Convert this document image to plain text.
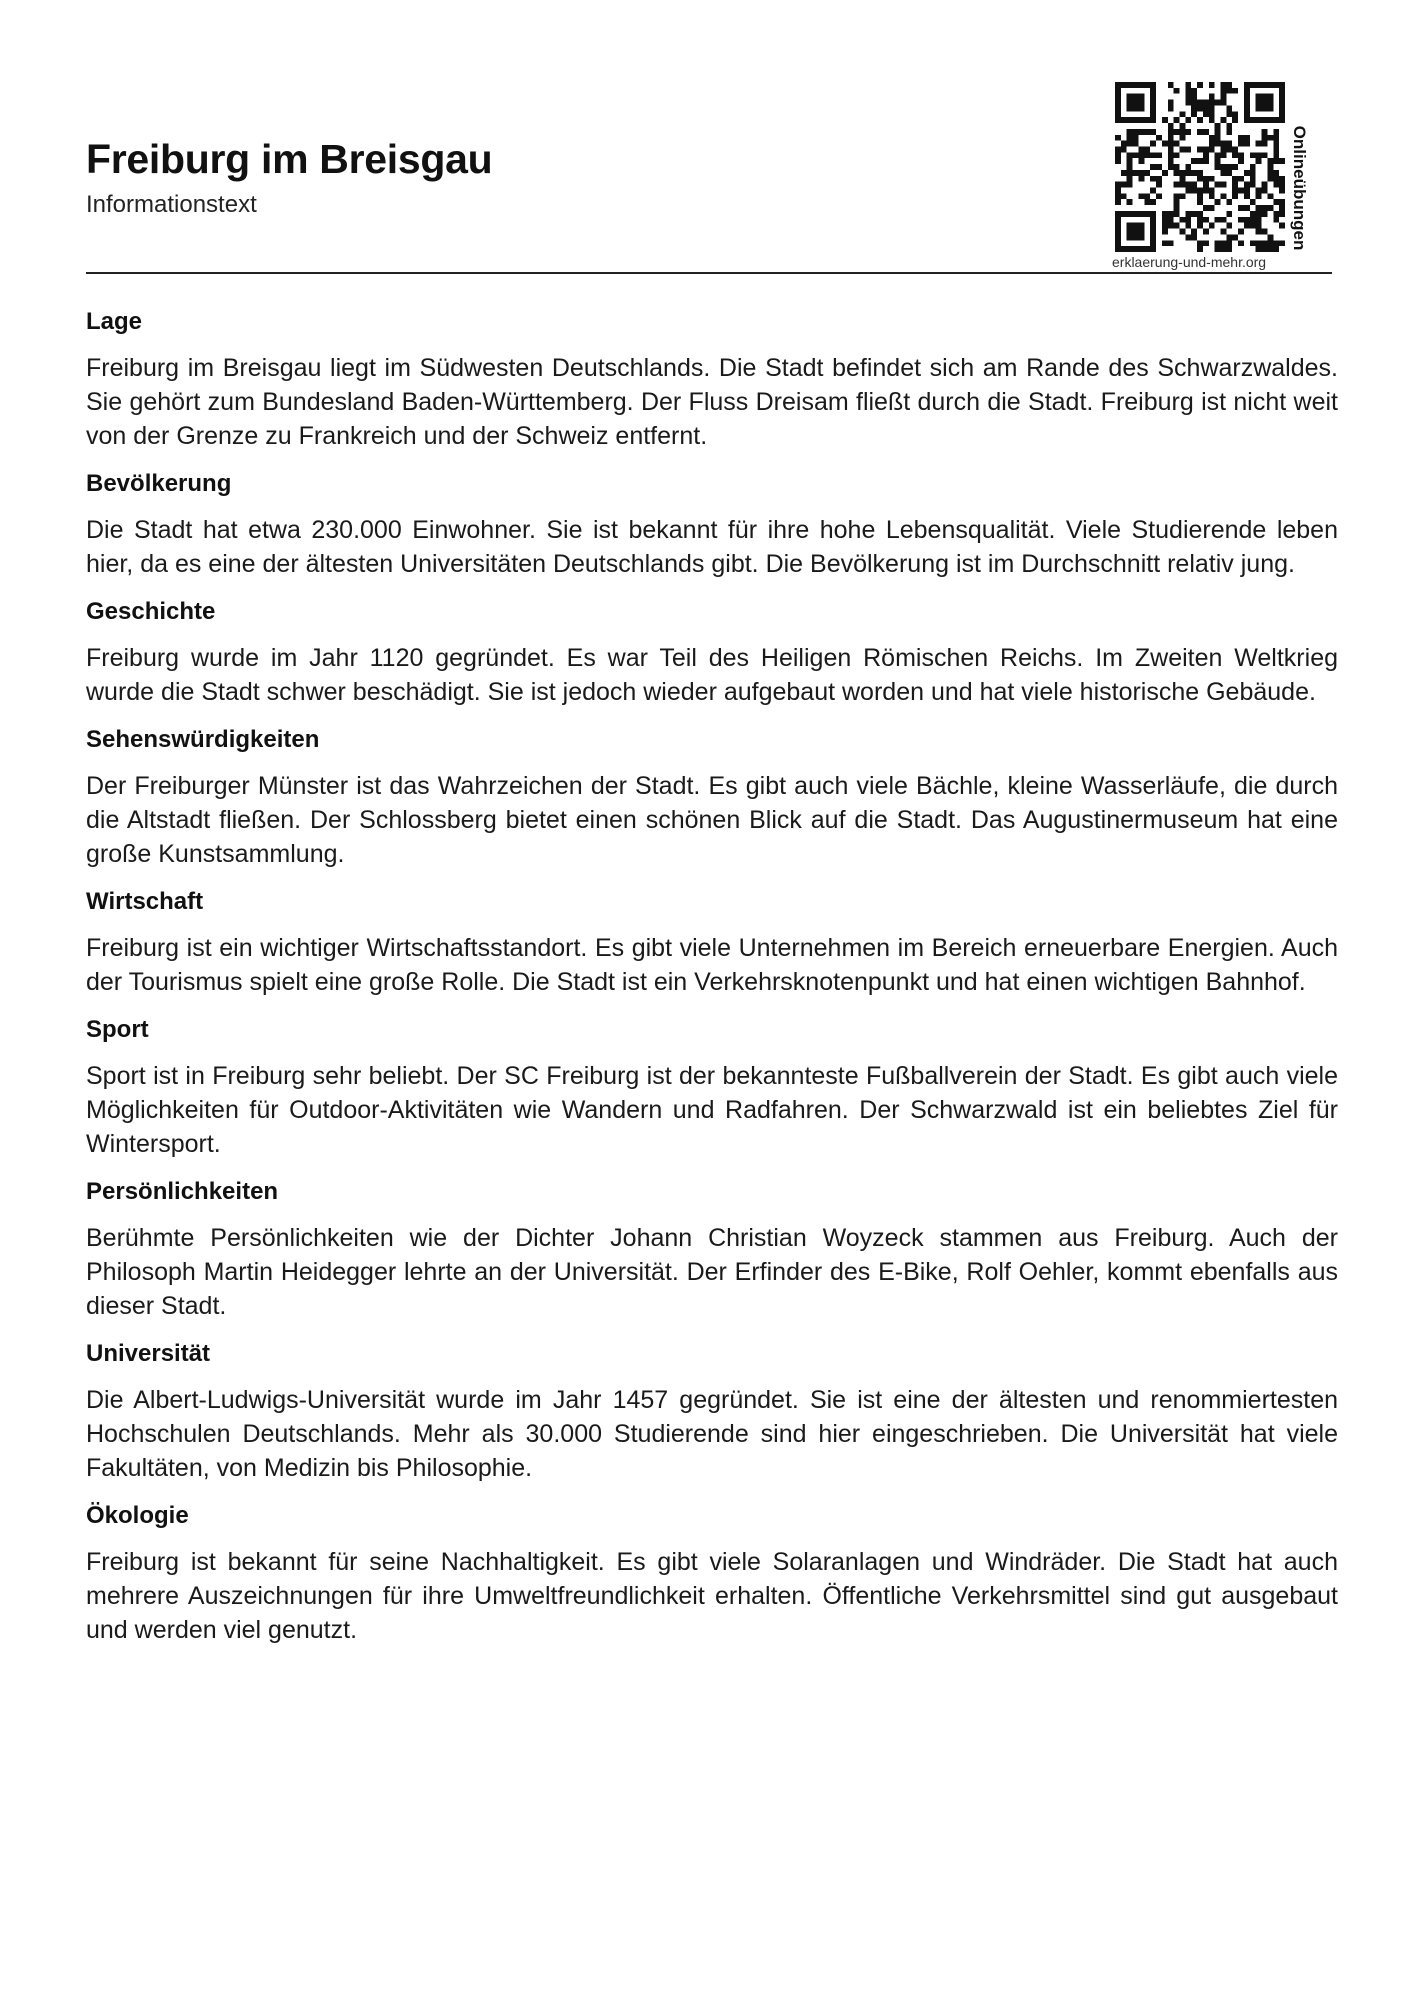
Freiburg im Breisgau
Informationstext
erklaerung-und-mehr.org
Onlineübungen
Lage

Freiburg im Breisgau liegt im Südwesten Deutschlands. Die Stadt befindet sich am Rande des Schwarzwaldes. Sie gehört zum Bundesland Baden-Württemberg. Der Fluss Dreisam fließt durch die Stadt. Freiburg ist nicht weit von der Grenze zu Frankreich und der Schweiz entfernt.

Bevölkerung

Die Stadt hat etwa 230.000 Einwohner. Sie ist bekannt für ihre hohe Lebensqualität. Viele Studierende leben hier, da es eine der ältesten Universitäten Deutschlands gibt. Die Bevölkerung ist im Durchschnitt relativ jung.

Geschichte

Freiburg wurde im Jahr 1120 gegründet. Es war Teil des Heiligen Römischen Reichs. Im Zweiten Weltkrieg wurde die Stadt schwer beschädigt. Sie ist jedoch wieder aufgebaut worden und hat viele historische Gebäude.

Sehenswürdigkeiten

Der Freiburger Münster ist das Wahrzeichen der Stadt. Es gibt auch viele Bächle, kleine Wasserläufe, die durch die Altstadt fließen. Der Schlossberg bietet einen schönen Blick auf die Stadt. Das Augustinermuseum hat eine große Kunstsammlung.

Wirtschaft

Freiburg ist ein wichtiger Wirtschaftsstandort. Es gibt viele Unternehmen im Bereich erneuerbare Energien. Auch der Tourismus spielt eine große Rolle. Die Stadt ist ein Verkehrsknotenpunkt und hat einen wichtigen Bahnhof.

Sport

Sport ist in Freiburg sehr beliebt. Der SC Freiburg ist der bekannteste Fußballverein der Stadt. Es gibt auch viele Möglichkeiten für Outdoor-Aktivitäten wie Wandern und Radfahren. Der Schwarzwald ist ein beliebtes Ziel für Wintersport.

Persönlichkeiten

Berühmte Persönlichkeiten wie der Dichter Johann Christian Woyzeck stammen aus Freiburg. Auch der Philosoph Martin Heidegger lehrte an der Universität. Der Erfinder des E-Bike, Rolf Oehler, kommt ebenfalls aus dieser Stadt.

Universität

Die Albert-Ludwigs-Universität wurde im Jahr 1457 gegründet. Sie ist eine der ältesten und renommiertesten Hochschulen Deutschlands. Mehr als 30.000 Studierende sind hier eingeschrieben. Die Universität hat viele Fakultäten, von Medizin bis Philosophie.

Ökologie

Freiburg ist bekannt für seine Nachhaltigkeit. Es gibt viele Solaranlagen und Windräder. Die Stadt hat auch mehrere Auszeichnungen für ihre Umweltfreundlichkeit erhalten. Öffentliche Verkehrsmittel sind gut ausgebaut und werden viel genutzt.
